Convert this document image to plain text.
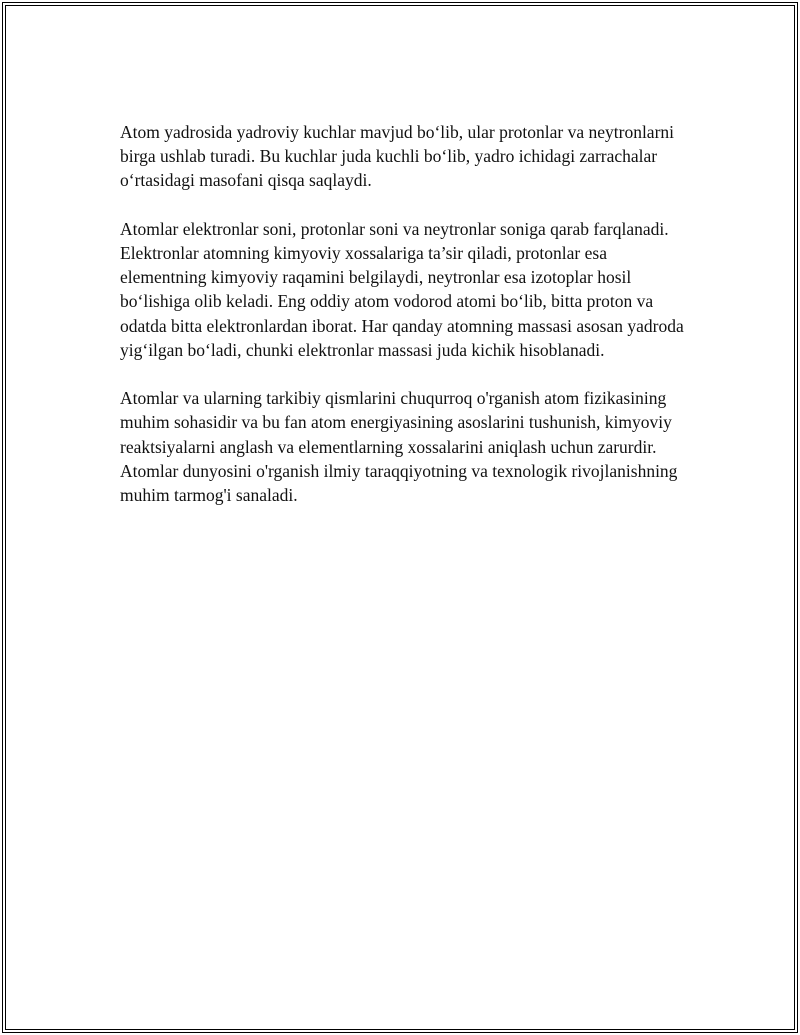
Atom yadrosida yadroviy kuchlar mavjud bo‘lib, ular protonlar va neytronlarni birga ushlab turadi. Bu kuchlar juda kuchli bo‘lib, yadro ichidagi zarrachalar o‘rtasidagi masofani qisqa saqlaydi.

Atomlar elektronlar soni, protonlar soni va neytronlar soniga qarab farqlanadi. Elektronlar atomning kimyoviy xossalariga ta’sir qiladi, protonlar esa elementning kimyoviy raqamini belgilaydi, neytronlar esa izotoplar hosil bo‘lishiga olib keladi. Eng oddiy atom vodorod atomi bo‘lib, bitta proton va odatda bitta elektronlardan iborat. Har qanday atomning massasi asosan yadroda yig‘ilgan bo‘ladi, chunki elektronlar massasi juda kichik hisoblanadi.

Atomlar va ularning tarkibiy qismlarini chuqurroq o'rganish atom fizikasining muhim sohasidir va bu fan atom energiyasining asoslarini tushunish, kimyoviy reaktsiyalarni anglash va elementlarning xossalarini aniqlash uchun zarurdir. Atomlar dunyosini o'rganish ilmiy taraqqiyotning va texnologik rivojlanishning muhim tarmog'i sanaladi.
